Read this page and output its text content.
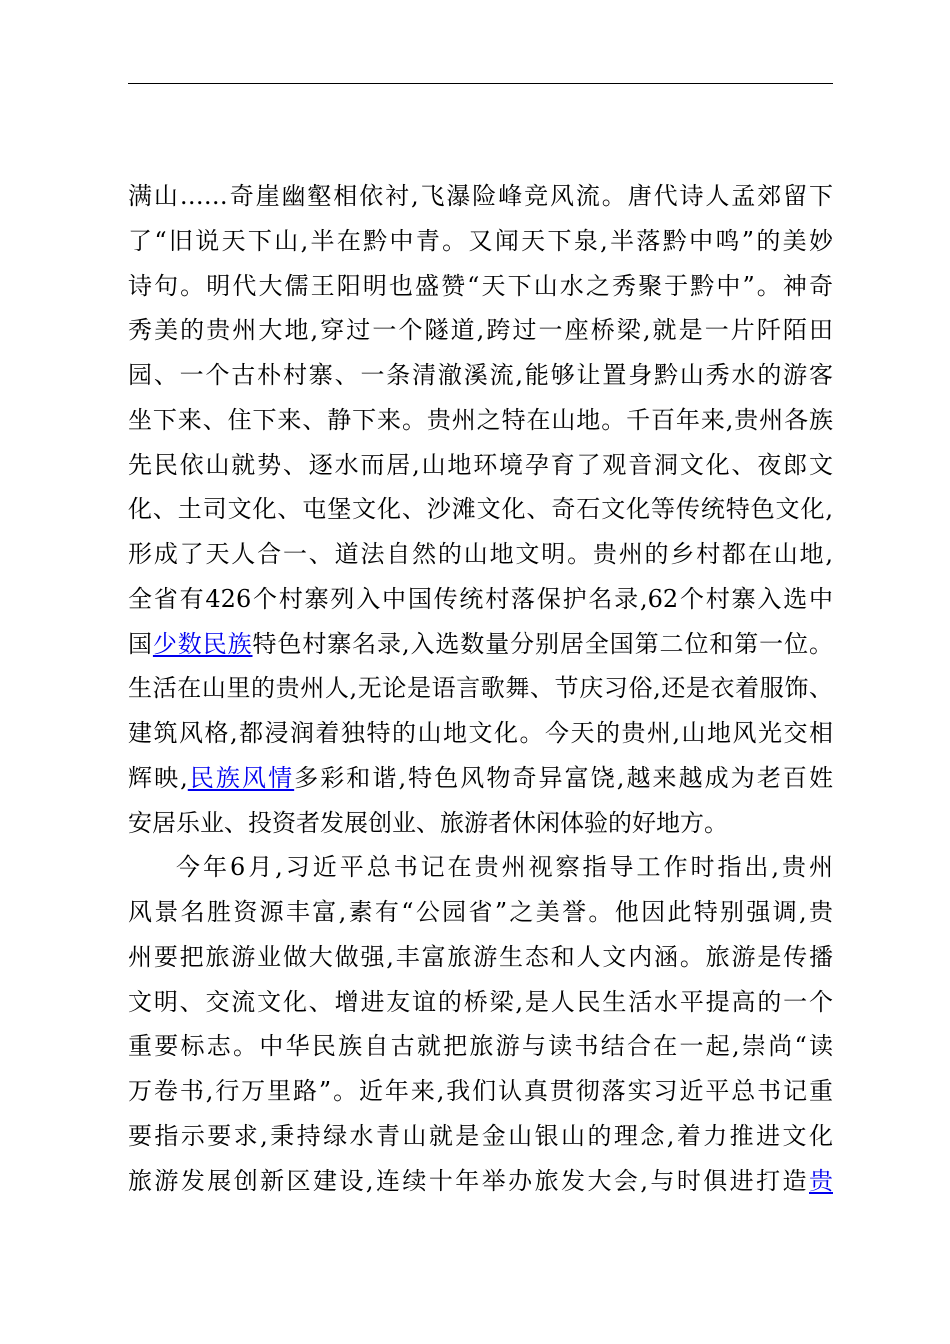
满山……奇崖幽壑相依衬,飞瀑险峰竞风流。唐代诗人孟郊留下
了“旧说天下山,半在黔中青。又闻天下泉,半落黔中鸣”的美妙
诗句。明代大儒王阳明也盛赞“天下山水之秀聚于黔中”。神奇
秀美的贵州大地,穿过一个隧道,跨过一座桥梁,就是一片阡陌田
园、一个古朴村寨、一条清澈溪流,能够让置身黔山秀水的游客
坐下来、住下来、静下来。贵州之特在山地。千百年来,贵州各族
先民依山就势、逐水而居,山地环境孕育了观音洞文化、夜郎文
化、土司文化、屯堡文化、沙滩文化、奇石文化等传统特色文化,
形成了天人合一、道法自然的山地文明。贵州的乡村都在山地,
全省有426个村寨列入中国传统村落保护名录,62个村寨入选中
国少数民族特色村寨名录,入选数量分别居全国第二位和第一位。
生活在山里的贵州人,无论是语言歌舞、节庆习俗,还是衣着服饰、
建筑风格,都浸润着独特的山地文化。今天的贵州,山地风光交相
辉映,民族风情多彩和谐,特色风物奇异富饶,越来越成为老百姓
安居乐业、投资者发展创业、旅游者休闲体验的好地方。
今年6月,习近平总书记在贵州视察指导工作时指出,贵州
风景名胜资源丰富,素有“公园省”之美誉。他因此特别强调,贵
州要把旅游业做大做强,丰富旅游生态和人文内涵。旅游是传播
文明、交流文化、增进友谊的桥梁,是人民生活水平提高的一个
重要标志。中华民族自古就把旅游与读书结合在一起,崇尚“读
万卷书,行万里路”。近年来,我们认真贯彻落实习近平总书记重
要指示要求,秉持绿水青山就是金山银山的理念,着力推进文化
旅游发展创新区建设,连续十年举办旅发大会,与时俱进打造贵
